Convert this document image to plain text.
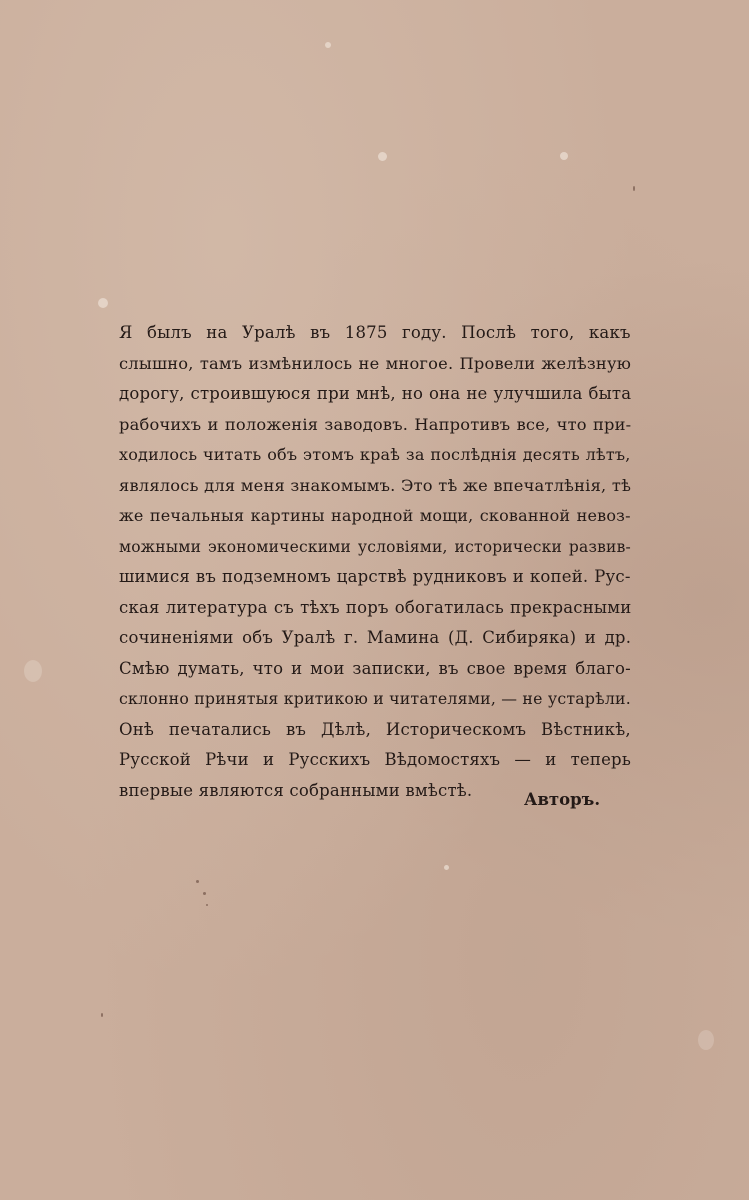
Я былъ на Уралѣ въ 1875 году. Послѣ того, какъ
слышно, тамъ измѣнилось не многое. Провели желѣзную
дорогу, строившуюся при мнѣ, но она не улучшила быта
рабочихъ и положенія заводовъ. Напротивъ все, что при-
ходилось читать объ этомъ краѣ за послѣднія десять лѣтъ,
являлось для меня знакомымъ. Это тѣ же впечатлѣнія, тѣ
же печальныя картины народной мощи, скованной невоз-
можными экономическими условіями, исторически развив-
шимися въ подземномъ царствѣ рудниковъ и копей. Рус-
ская литература съ тѣхъ поръ обогатилась прекрасными
сочиненіями объ Уралѣ г. Мамина (Д. Сибиряка) и др.
Смѣю думать, что и мои записки, въ свое время благо-
склонно принятыя критикою и читателями, — не устарѣли.
Онѣ печатались въ Дѣлѣ, Историческомъ Вѣстникѣ,
Русской Рѣчи и Русскихъ Вѣдомостяхъ — и теперь
впервые являются собранными вмѣстѣ.	Авторъ.
